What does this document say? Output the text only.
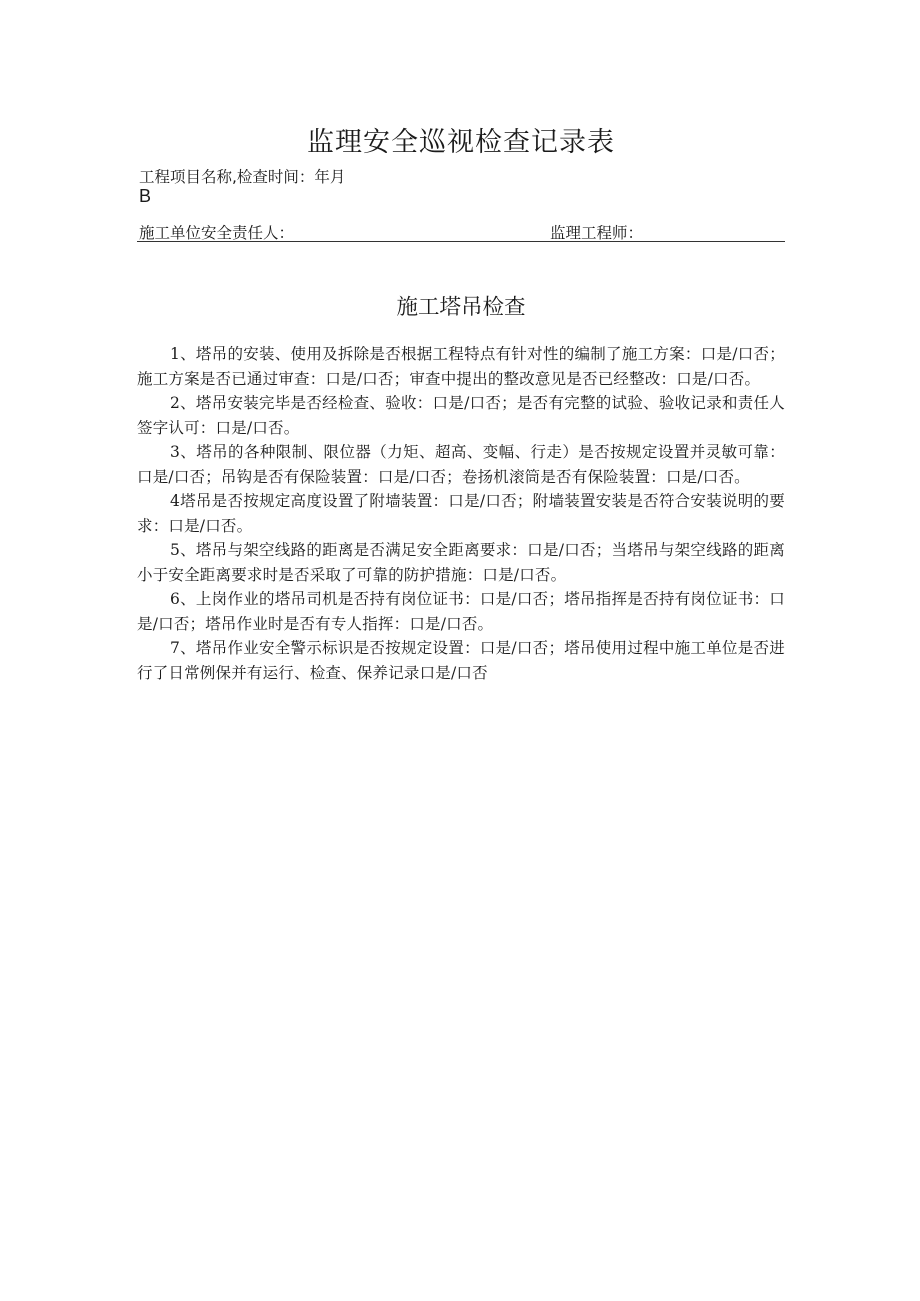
监理安全巡视检查记录表
工程项目名称,检查时间：年月
B
施工单位安全责任人：	监理工程师：
施工塔吊检查

1、塔吊的安装、使用及拆除是否根据工程特点有针对性的编制了施工方案：口是/口否；施工方案是否已通过审查：口是/口否；审查中提出的整改意见是否已经整改：口是/口否。

2、塔吊安装完毕是否经检查、验收：口是/口否；是否有完整的试验、验收记录和责任人签字认可：口是/口否。

3、塔吊的各种限制、限位器（力矩、超高、变幅、行走）是否按规定设置并灵敏可靠：口是/口否；吊钩是否有保险装置：口是/口否；卷扬机滚筒是否有保险装置：口是/口否。

4塔吊是否按规定高度设置了附墙装置：口是/口否；附墙装置安装是否符合安装说明的要求：口是/口否。

5、塔吊与架空线路的距离是否满足安全距离要求：口是/口否；当塔吊与架空线路的距离小于安全距离要求时是否采取了可靠的防护措施：口是/口否。

6、上岗作业的塔吊司机是否持有岗位证书：口是/口否；塔吊指挥是否持有岗位证书：口是/口否；塔吊作业时是否有专人指挥：口是/口否。

7、塔吊作业安全警示标识是否按规定设置：口是/口否；塔吊使用过程中施工单位是否进行了日常例保并有运行、检查、保养记录口是/口否
